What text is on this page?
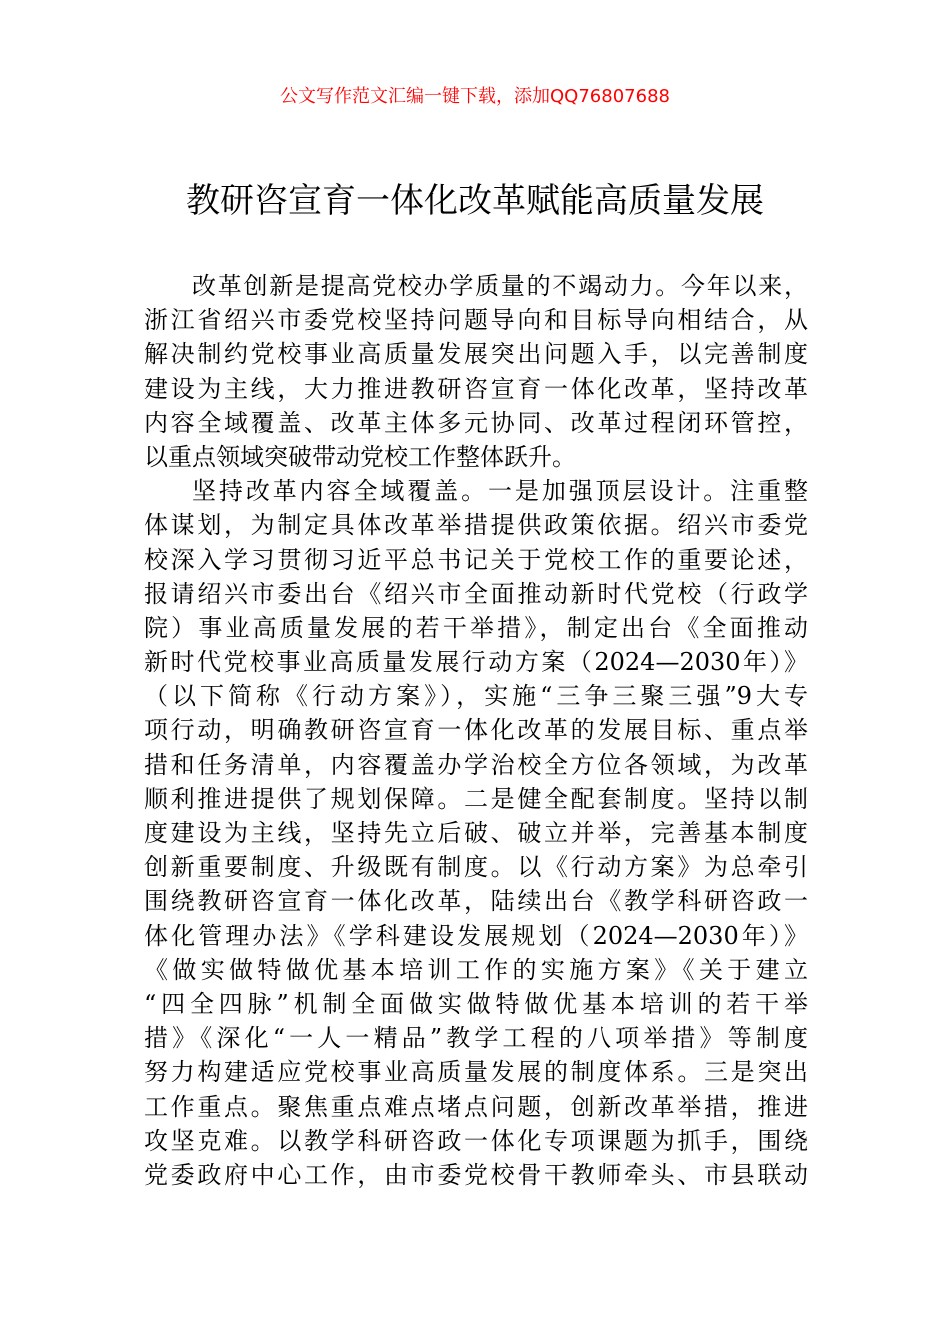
公文写作范文汇编一键下载，添加QQ76807688
教研咨宣育一体化改革赋能高质量发展
改革创新是提高党校办学质量的不竭动力。今年以来，
浙江省绍兴市委党校坚持问题导向和目标导向相结合，从
解决制约党校事业高质量发展突出问题入手，以完善制度
建设为主线，大力推进教研咨宣育一体化改革，坚持改革
内容全域覆盖、改革主体多元协同、改革过程闭环管控，
以重点领域突破带动党校工作整体跃升。
坚持改革内容全域覆盖。一是加强顶层设计。注重整
体谋划，为制定具体改革举措提供政策依据。绍兴市委党
校深入学习贯彻习近平总书记关于党校工作的重要论述，
报请绍兴市委出台《绍兴市全面推动新时代党校（行政学
院）事业高质量发展的若干举措》，制定出台《全面推动
新时代党校事业高质量发展行动方案（2024—2030年）》
（以下简称《行动方案》），实施“三争三聚三强”9大专
项行动，明确教研咨宣育一体化改革的发展目标、重点举
措和任务清单，内容覆盖办学治校全方位各领域，为改革
顺利推进提供了规划保障。二是健全配套制度。坚持以制
度建设为主线，坚持先立后破、破立并举，完善基本制度
创新重要制度、升级既有制度。以《行动方案》为总牵引
围绕教研咨宣育一体化改革，陆续出台《教学科研咨政一
体化管理办法》《学科建设发展规划（2024—2030年）》
《做实做特做优基本培训工作的实施方案》《关于建立
“四全四脉”机制全面做实做特做优基本培训的若干举
措》《深化“一人一精品”教学工程的八项举措》等制度
努力构建适应党校事业高质量发展的制度体系。三是突出
工作重点。聚焦重点难点堵点问题，创新改革举措，推进
攻坚克难。以教学科研咨政一体化专项课题为抓手，围绕
党委政府中心工作，由市委党校骨干教师牵头、市县联动
